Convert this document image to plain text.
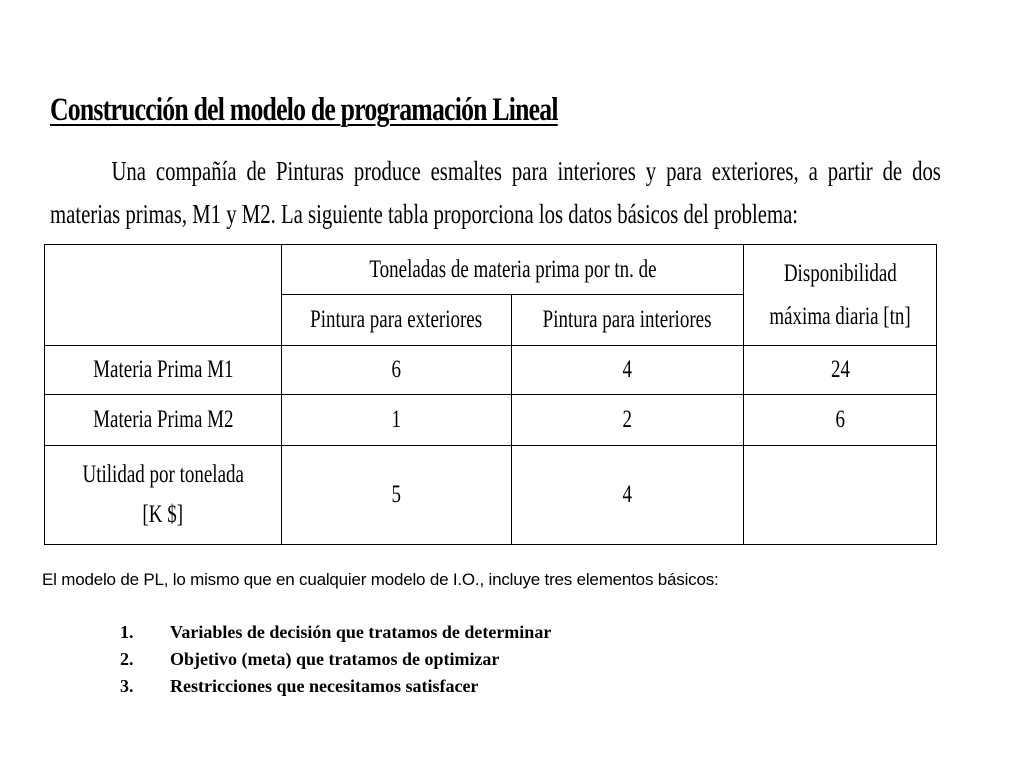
Construcción del modelo de programación Lineal
Una compañía de Pinturas produce esmaltes para interiores y para exteriores, a partir de dos materias primas, M1 y M2. La siguiente tabla proporciona los datos básicos del problema:
	Toneladas de materia prima por tn. de		Disponibilidad
máxima diaria [tn]
	Pintura para exteriores	Pintura para interiores	
Materia Prima M1	6	4	24
Materia Prima M2	1	2	6
Utilidad por tonelada
[K $]	5	4	
El modelo de PL, lo mismo que en cualquier modelo de I.O., incluye tres elementos básicos:
1. Variables de decisión que tratamos de determinar
2. Objetivo (meta) que tratamos de optimizar
3. Restricciones que necesitamos satisfacer
